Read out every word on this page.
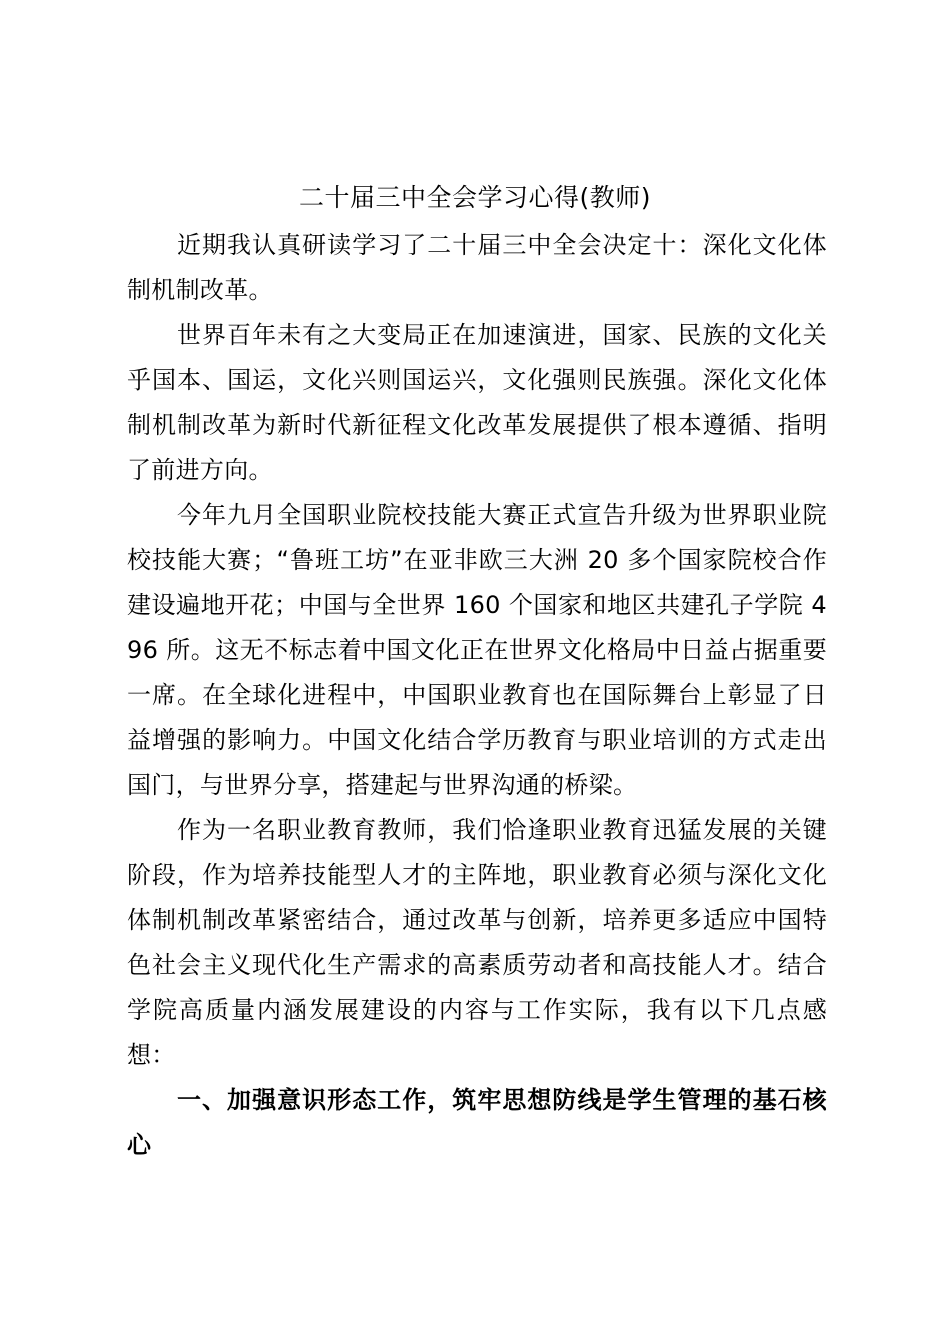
二十届三中全会学习心得(教师)

近期我认真研读学习了二十届三中全会决定十：深化文化体制机制改革。

世界百年未有之大变局正在加速演进，国家、民族的文化关乎国本、国运，文化兴则国运兴，文化强则民族强。深化文化体制机制改革为新时代新征程文化改革发展提供了根本遵循、指明了前进方向。

今年九月全国职业院校技能大赛正式宣告升级为世界职业院校技能大赛；“鲁班工坊”在亚非欧三大洲 20 多个国家院校合作建设遍地开花；中国与全世界 160 个国家和地区共建孔子学院 496 所。这无不标志着中国文化正在世界文化格局中日益占据重要一席。在全球化进程中，中国职业教育也在国际舞台上彰显了日益增强的影响力。中国文化结合学历教育与职业培训的方式走出国门，与世界分享，搭建起与世界沟通的桥梁。

作为一名职业教育教师，我们恰逢职业教育迅猛发展的关键阶段，作为培养技能型人才的主阵地，职业教育必须与深化文化体制机制改革紧密结合，通过改革与创新，培养更多适应中国特色社会主义现代化生产需求的高素质劳动者和高技能人才。结合学院高质量内涵发展建设的内容与工作实际，我有以下几点感想：

一、加强意识形态工作，筑牢思想防线是学生管理的基石核心
